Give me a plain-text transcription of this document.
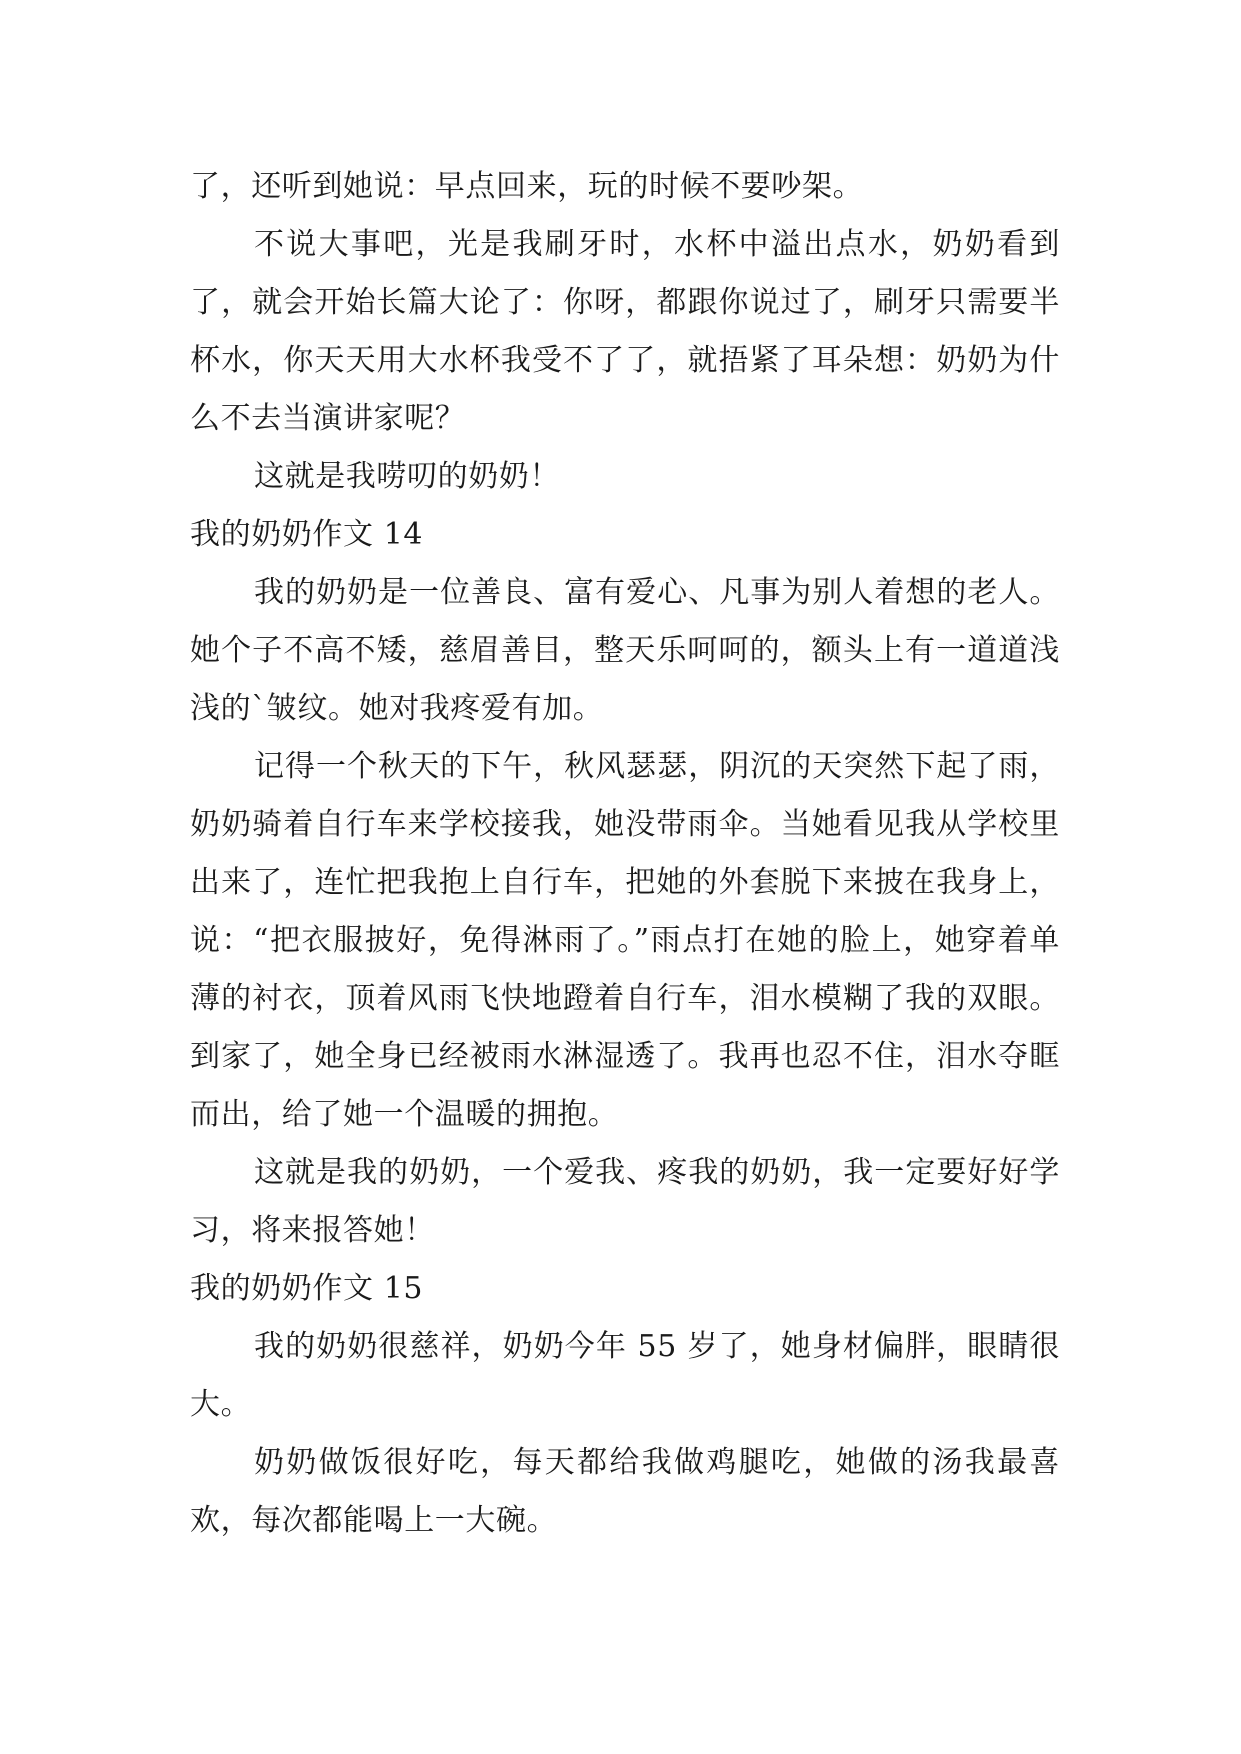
了，还听到她说：早点回来，玩的时候不要吵架。

不说大事吧，光是我刷牙时，水杯中溢出点水，奶奶看到了，就会开始长篇大论了：你呀，都跟你说过了，刷牙只需要半杯水，你天天用大水杯我受不了了，就捂紧了耳朵想：奶奶为什么不去当演讲家呢？

这就是我唠叨的奶奶！

我的奶奶作文 14

我的奶奶是一位善良、富有爱心、凡事为别人着想的老人。她个子不高不矮，慈眉善目，整天乐呵呵的，额头上有一道道浅浅的`皱纹。她对我疼爱有加。

记得一个秋天的下午，秋风瑟瑟，阴沉的天突然下起了雨，奶奶骑着自行车来学校接我，她没带雨伞。当她看见我从学校里出来了，连忙把我抱上自行车，把她的外套脱下来披在我身上，说：“把衣服披好，免得淋雨了。”雨点打在她的脸上，她穿着单薄的衬衣，顶着风雨飞快地蹬着自行车，泪水模糊了我的双眼。到家了，她全身已经被雨水淋湿透了。我再也忍不住，泪水夺眶而出，给了她一个温暖的拥抱。

这就是我的奶奶，一个爱我、疼我的奶奶，我一定要好好学习，将来报答她！

我的奶奶作文 15

我的奶奶很慈祥，奶奶今年 55 岁了，她身材偏胖，眼睛很大。

奶奶做饭很好吃，每天都给我做鸡腿吃，她做的汤我最喜欢，每次都能喝上一大碗。
